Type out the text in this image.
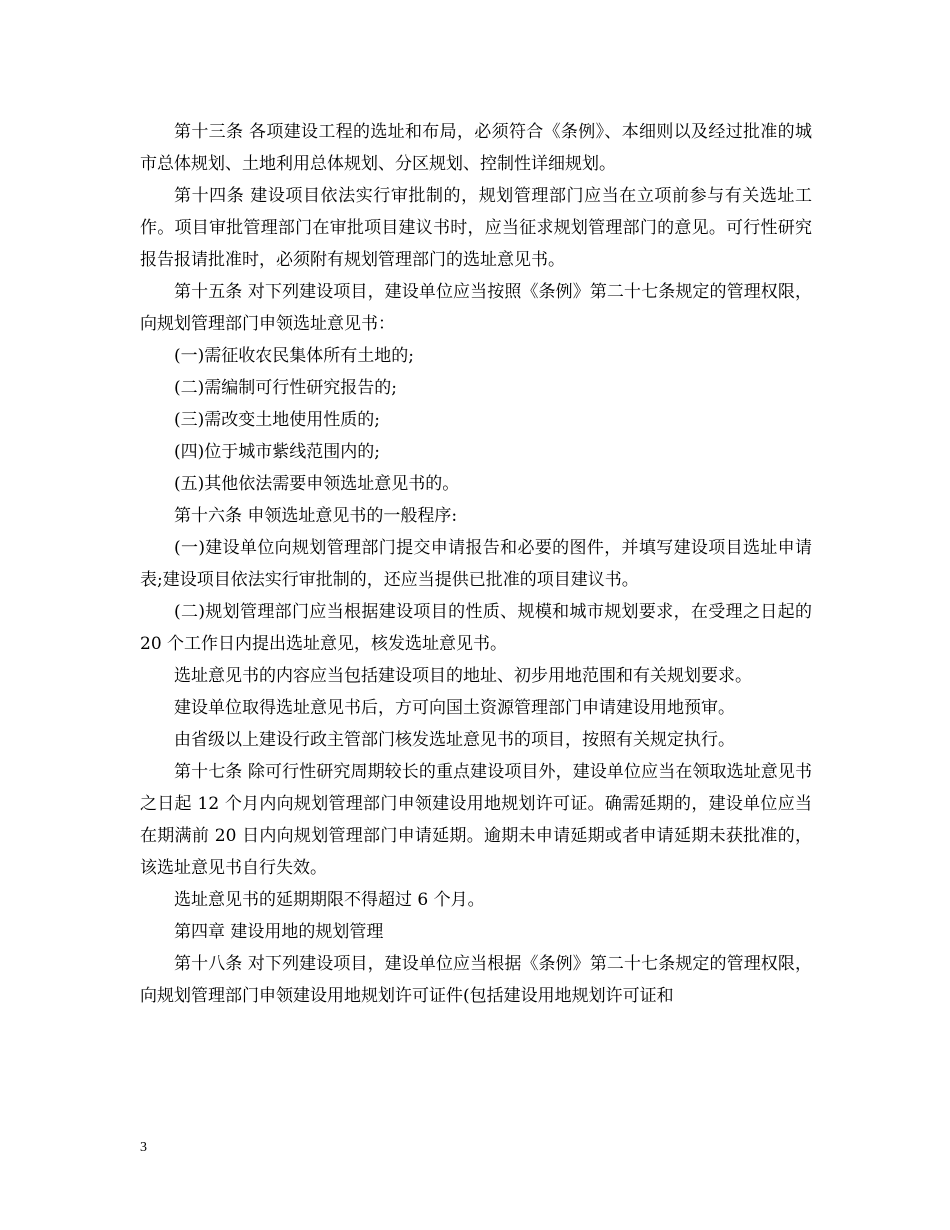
第十三条 各项建设工程的选址和布局，必须符合《条例》、本细则以及经过批准的城市总体规划、土地利用总体规划、分区规划、控制性详细规划。

第十四条 建设项目依法实行审批制的，规划管理部门应当在立项前参与有关选址工作。项目审批管理部门在审批项目建议书时，应当征求规划管理部门的意见。可行性研究报告报请批准时，必须附有规划管理部门的选址意见书。

第十五条 对下列建设项目，建设单位应当按照《条例》第二十七条规定的管理权限，向规划管理部门申领选址意见书：

(一)需征收农民集体所有土地的;

(二)需编制可行性研究报告的;

(三)需改变土地使用性质的;

(四)位于城市紫线范围内的;

(五)其他依法需要申领选址意见书的。

第十六条 申领选址意见书的一般程序:

(一)建设单位向规划管理部门提交申请报告和必要的图件，并填写建设项目选址申请表;建设项目依法实行审批制的，还应当提供已批准的项目建议书。

(二)规划管理部门应当根据建设项目的性质、规模和城市规划要求，在受理之日起的 20 个工作日内提出选址意见，核发选址意见书。

选址意见书的内容应当包括建设项目的地址、初步用地范围和有关规划要求。

建设单位取得选址意见书后，方可向国土资源管理部门申请建设用地预审。

由省级以上建设行政主管部门核发选址意见书的项目，按照有关规定执行。

第十七条 除可行性研究周期较长的重点建设项目外，建设单位应当在领取选址意见书之日起 12 个月内向规划管理部门申领建设用地规划许可证。确需延期的，建设单位应当在期满前 20 日内向规划管理部门申请延期。逾期未申请延期或者申请延期未获批准的，该选址意见书自行失效。

选址意见书的延期期限不得超过 6 个月。

第四章 建设用地的规划管理

第十八条 对下列建设项目，建设单位应当根据《条例》第二十七条规定的管理权限，向规划管理部门申领建设用地规划许可证件(包括建设用地规划许可证和

3
